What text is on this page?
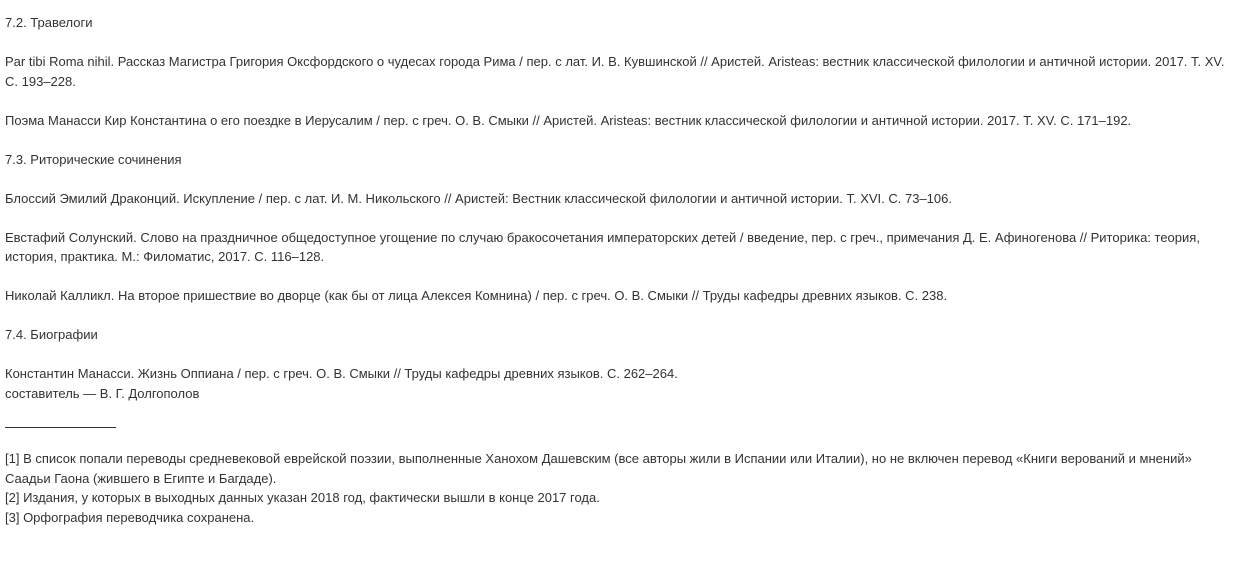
7.2. Травелоги

Par tibi Roma nihil. Рассказ Магистра Григория Оксфордского о чудесах города Рима / пер. с лат. И. В. Кувшинской // Аристей. Aristeas: вестник классической филологии и античной истории. 2017. Т. XV. С. 193–228.

Поэма Манасси Кир Константина о его поездке в Иерусалим / пер. с греч. О. В. Смыки // Аристей. Aristeas: вестник классической филологии и античной истории. 2017. Т. XV. С. 171–192.

7.3. Риторические сочинения

Блоссий Эмилий Драконций. Искупление / пер. с лат. И. М. Никольского // Аристей: Вестник классической филологии и античной истории. Т. XVI. С. 73–106.

Евстафий Солунский. Слово на праздничное общедоступное угощение по случаю бракосочетания императорских детей / введение, пер. с греч., примечания Д. Е. Афиногенова // Риторика: теория, история, практика. М.: Филоматис, 2017. С. 116–128.

Николай Калликл. На второе пришествие во дворце (как бы от лица Алексея Комнина) / пер. с греч. О. В. Смыки // Труды кафедры древних языков. С. 238.

7.4. Биографии

Константин Манасси. Жизнь Оппиана / пер. с греч. О. В. Смыки // Труды кафедры древних языков. С. 262–264.

составитель — В. Г. Долгополов

[1] В список попали переводы средневековой еврейской поэзии, выполненные Ханохом Дашевским (все авторы жили в Испании или Италии), но не включен перевод «Книги верований и мнений» Саадьи Гаона (жившего в Египте и Багдаде).

[2] Издания, у которых в выходных данных указан 2018 год, фактически вышли в конце 2017 года.

[3] Орфография переводчика сохранена.
